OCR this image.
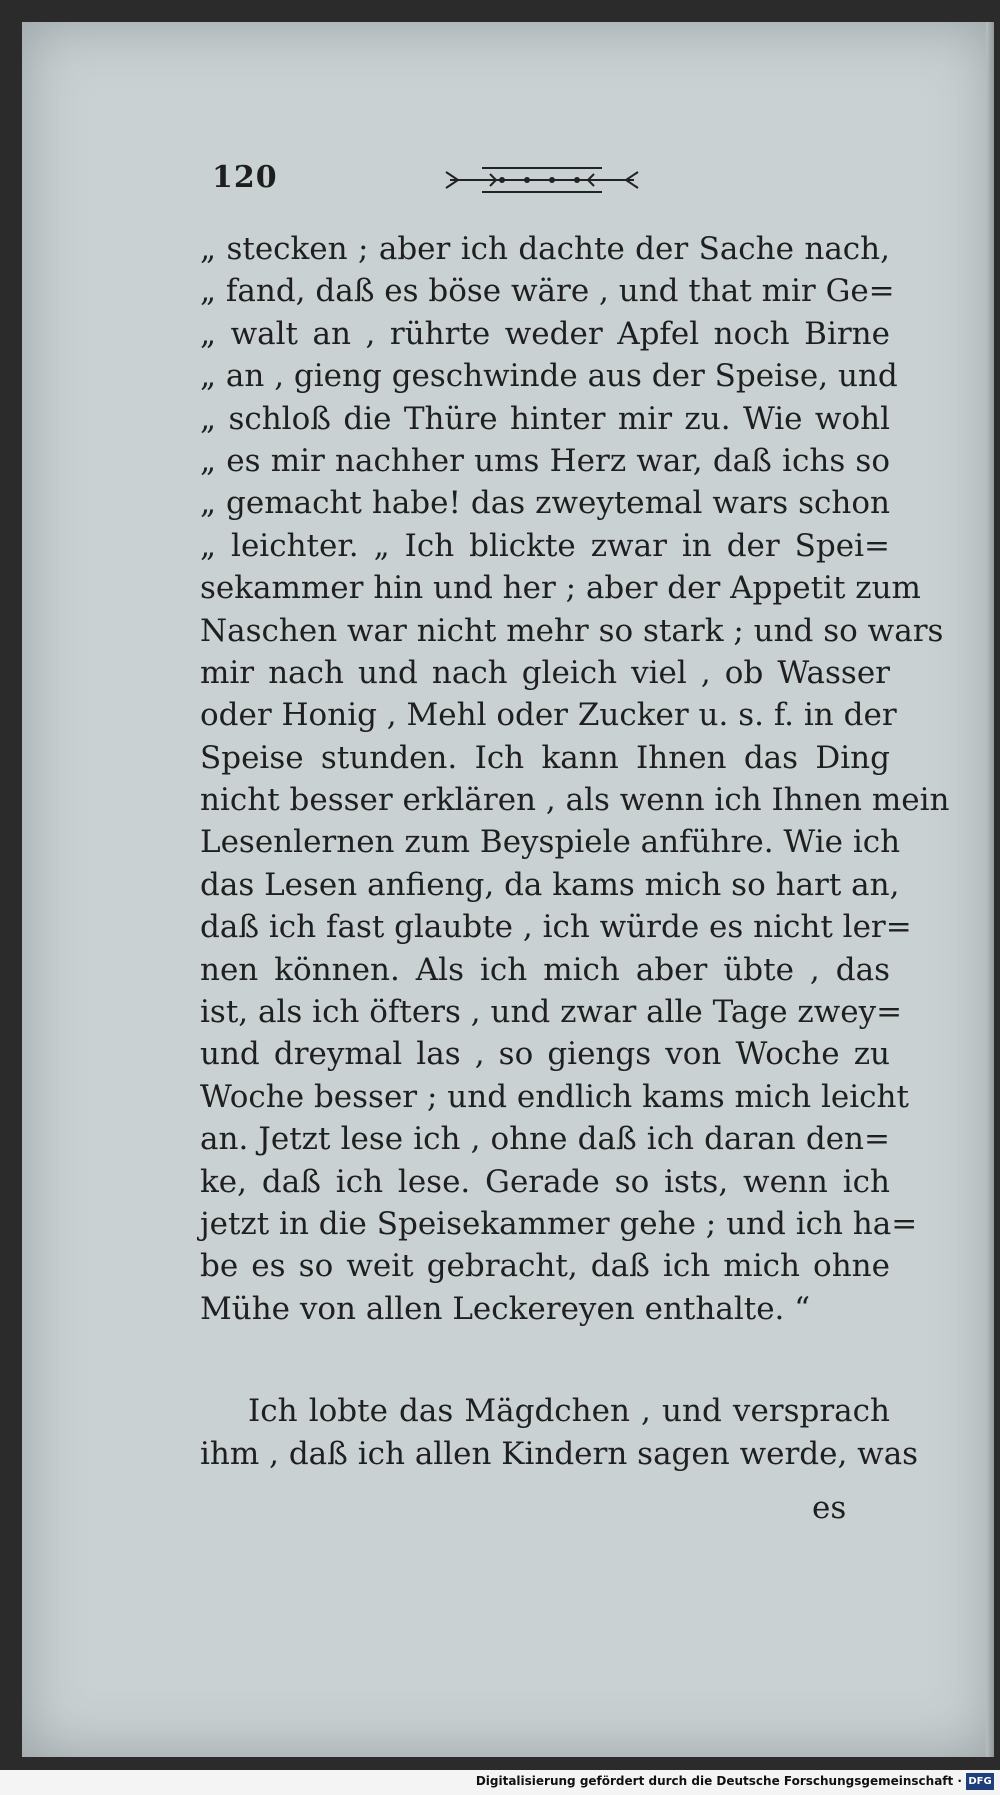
120
„ stecken ; aber ich dachte der Sache nach,
„ fand, daß es böse wäre , und that mir Ge=
„ walt an , rührte weder Apfel noch Birne
„ an , gieng geschwinde aus der Speise, und
„ schloß die Thüre hinter mir zu. Wie wohl
„ es mir nachher ums Herz war, daß ichs so
„ gemacht habe! das zweytemal wars schon
„ leichter. „ Ich blickte zwar in der Spei=
sekammer hin und her ; aber der Appetit zum
Naschen war nicht mehr so stark ; und so wars
mir nach und nach gleich viel , ob Wasser
oder Honig , Mehl oder Zucker u. s. f. in der
Speise stunden. Ich kann Ihnen das Ding
nicht besser erklären , als wenn ich Ihnen mein
Lesenlernen zum Beyspiele anführe. Wie ich
das Lesen anfieng, da kams mich so hart an,
daß ich fast glaubte , ich würde es nicht ler=
nen können. Als ich mich aber übte , das
ist, als ich öfters , und zwar alle Tage zwey=
und dreymal las , so giengs von Woche zu
Woche besser ; und endlich kams mich leicht
an. Jetzt lese ich , ohne daß ich daran den=
ke, daß ich lese. Gerade so ists, wenn ich
jetzt in die Speisekammer gehe ; und ich ha=
be es so weit gebracht, daß ich mich ohne
Mühe von allen Leckereyen enthalte. “
Ich lobte das Mägdchen , und versprach
ihm , daß ich allen Kindern sagen werde, was
es
Digitalisierung gefördert durch die Deutsche Forschungsgemeinschaft · DFG
